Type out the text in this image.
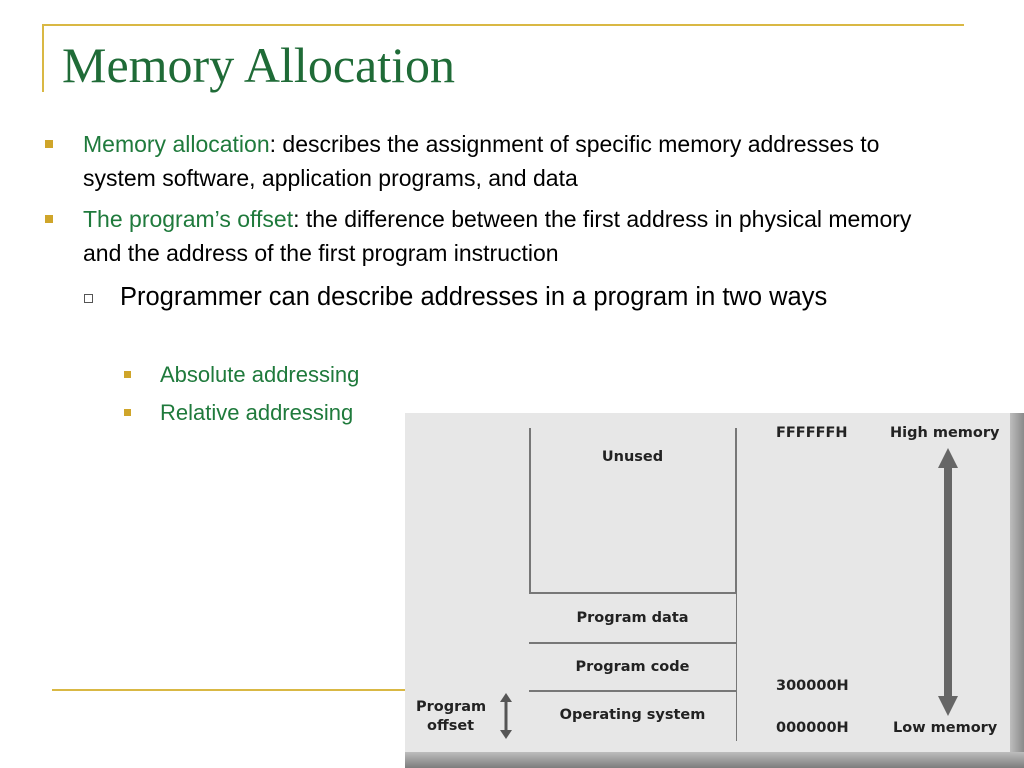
Memory Allocation
Memory allocation: describes the assignment of specific memory addresses to system software, application programs, and data
The program’s offset: the difference between the first address in physical memory and the address of the first program instruction
Programmer can describe addresses in a program in two ways
Absolute addressing
Relative addressing
Unused
Program data
Program code
Operating system
FFFFFFH
300000H
000000H
High memory
Low memory
Program
offset
